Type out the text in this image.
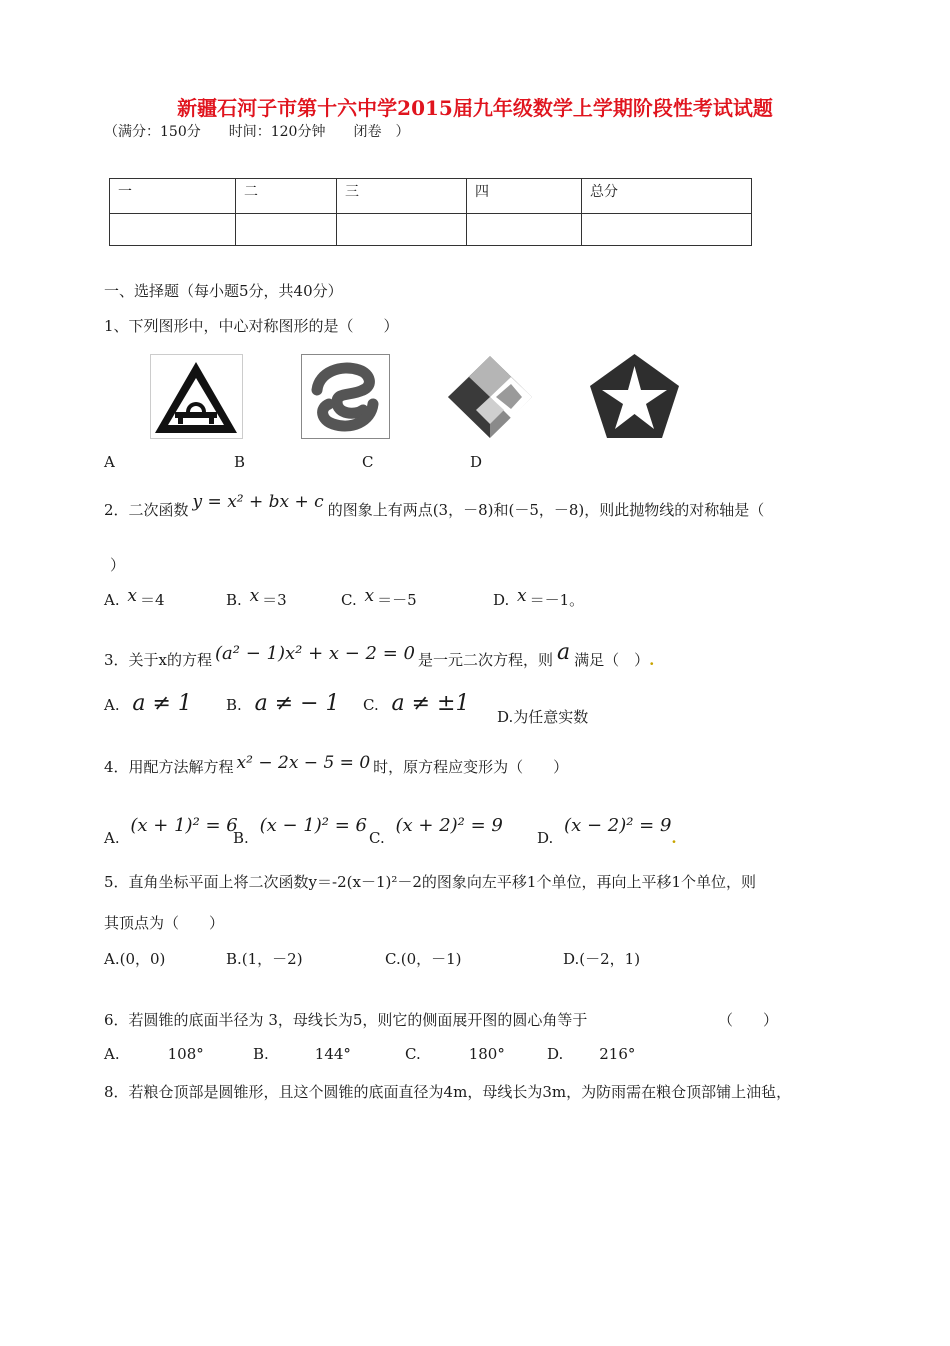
新疆石河子市第十六中学2015届九年级数学上学期阶段性考试试题
（满分：150分　　时间：120分钟　　闭卷　）
一	二	三	四	总分

一、选择题（每小题5分，共40分）
1、下列图形中，中心对称图形的是（　　）
A	B	C	D
2．二次函数 y = x² + bx + c 的图象上有两点(3，－8)和(－5，－8)，则此抛物线的对称轴是（
）
A. x ＝4	B. x ＝3	C. x ＝－5	D. x ＝－1。
3．关于x的方程 (a² − 1)x² + x − 2 = 0 是一元二次方程，则 a 满足（　）.
A. a ≠ 1 B. a ≠ − 1 C. a ≠ ±1
D.为任意实数
4．用配方法解方程 x² − 2x − 5 = 0 时，原方程应变形为（　　）
A. (x + 1)² = 6
B. (x − 1)² = 6
C. (x + 2)² = 9
D. (x − 2)² = 9.
5．直角坐标平面上将二次函数y＝-2(x－1)²－2的图象向左平移1个单位，再向上平移1个单位，则
其顶点为（　　）
A.(0，0)	B.(1，－2)	C.(0，－1)	D.(－2，1)
6．若圆锥的底面半径为 3，母线长为5，则它的侧面展开图的圆心角等于	（　　）
A.	108°	B.	144°	C.	180°	D. 216°
8．若粮仓顶部是圆锥形，且这个圆锥的底面直径为4m，母线长为3m，为防雨需在粮仓顶部铺上油毡，
